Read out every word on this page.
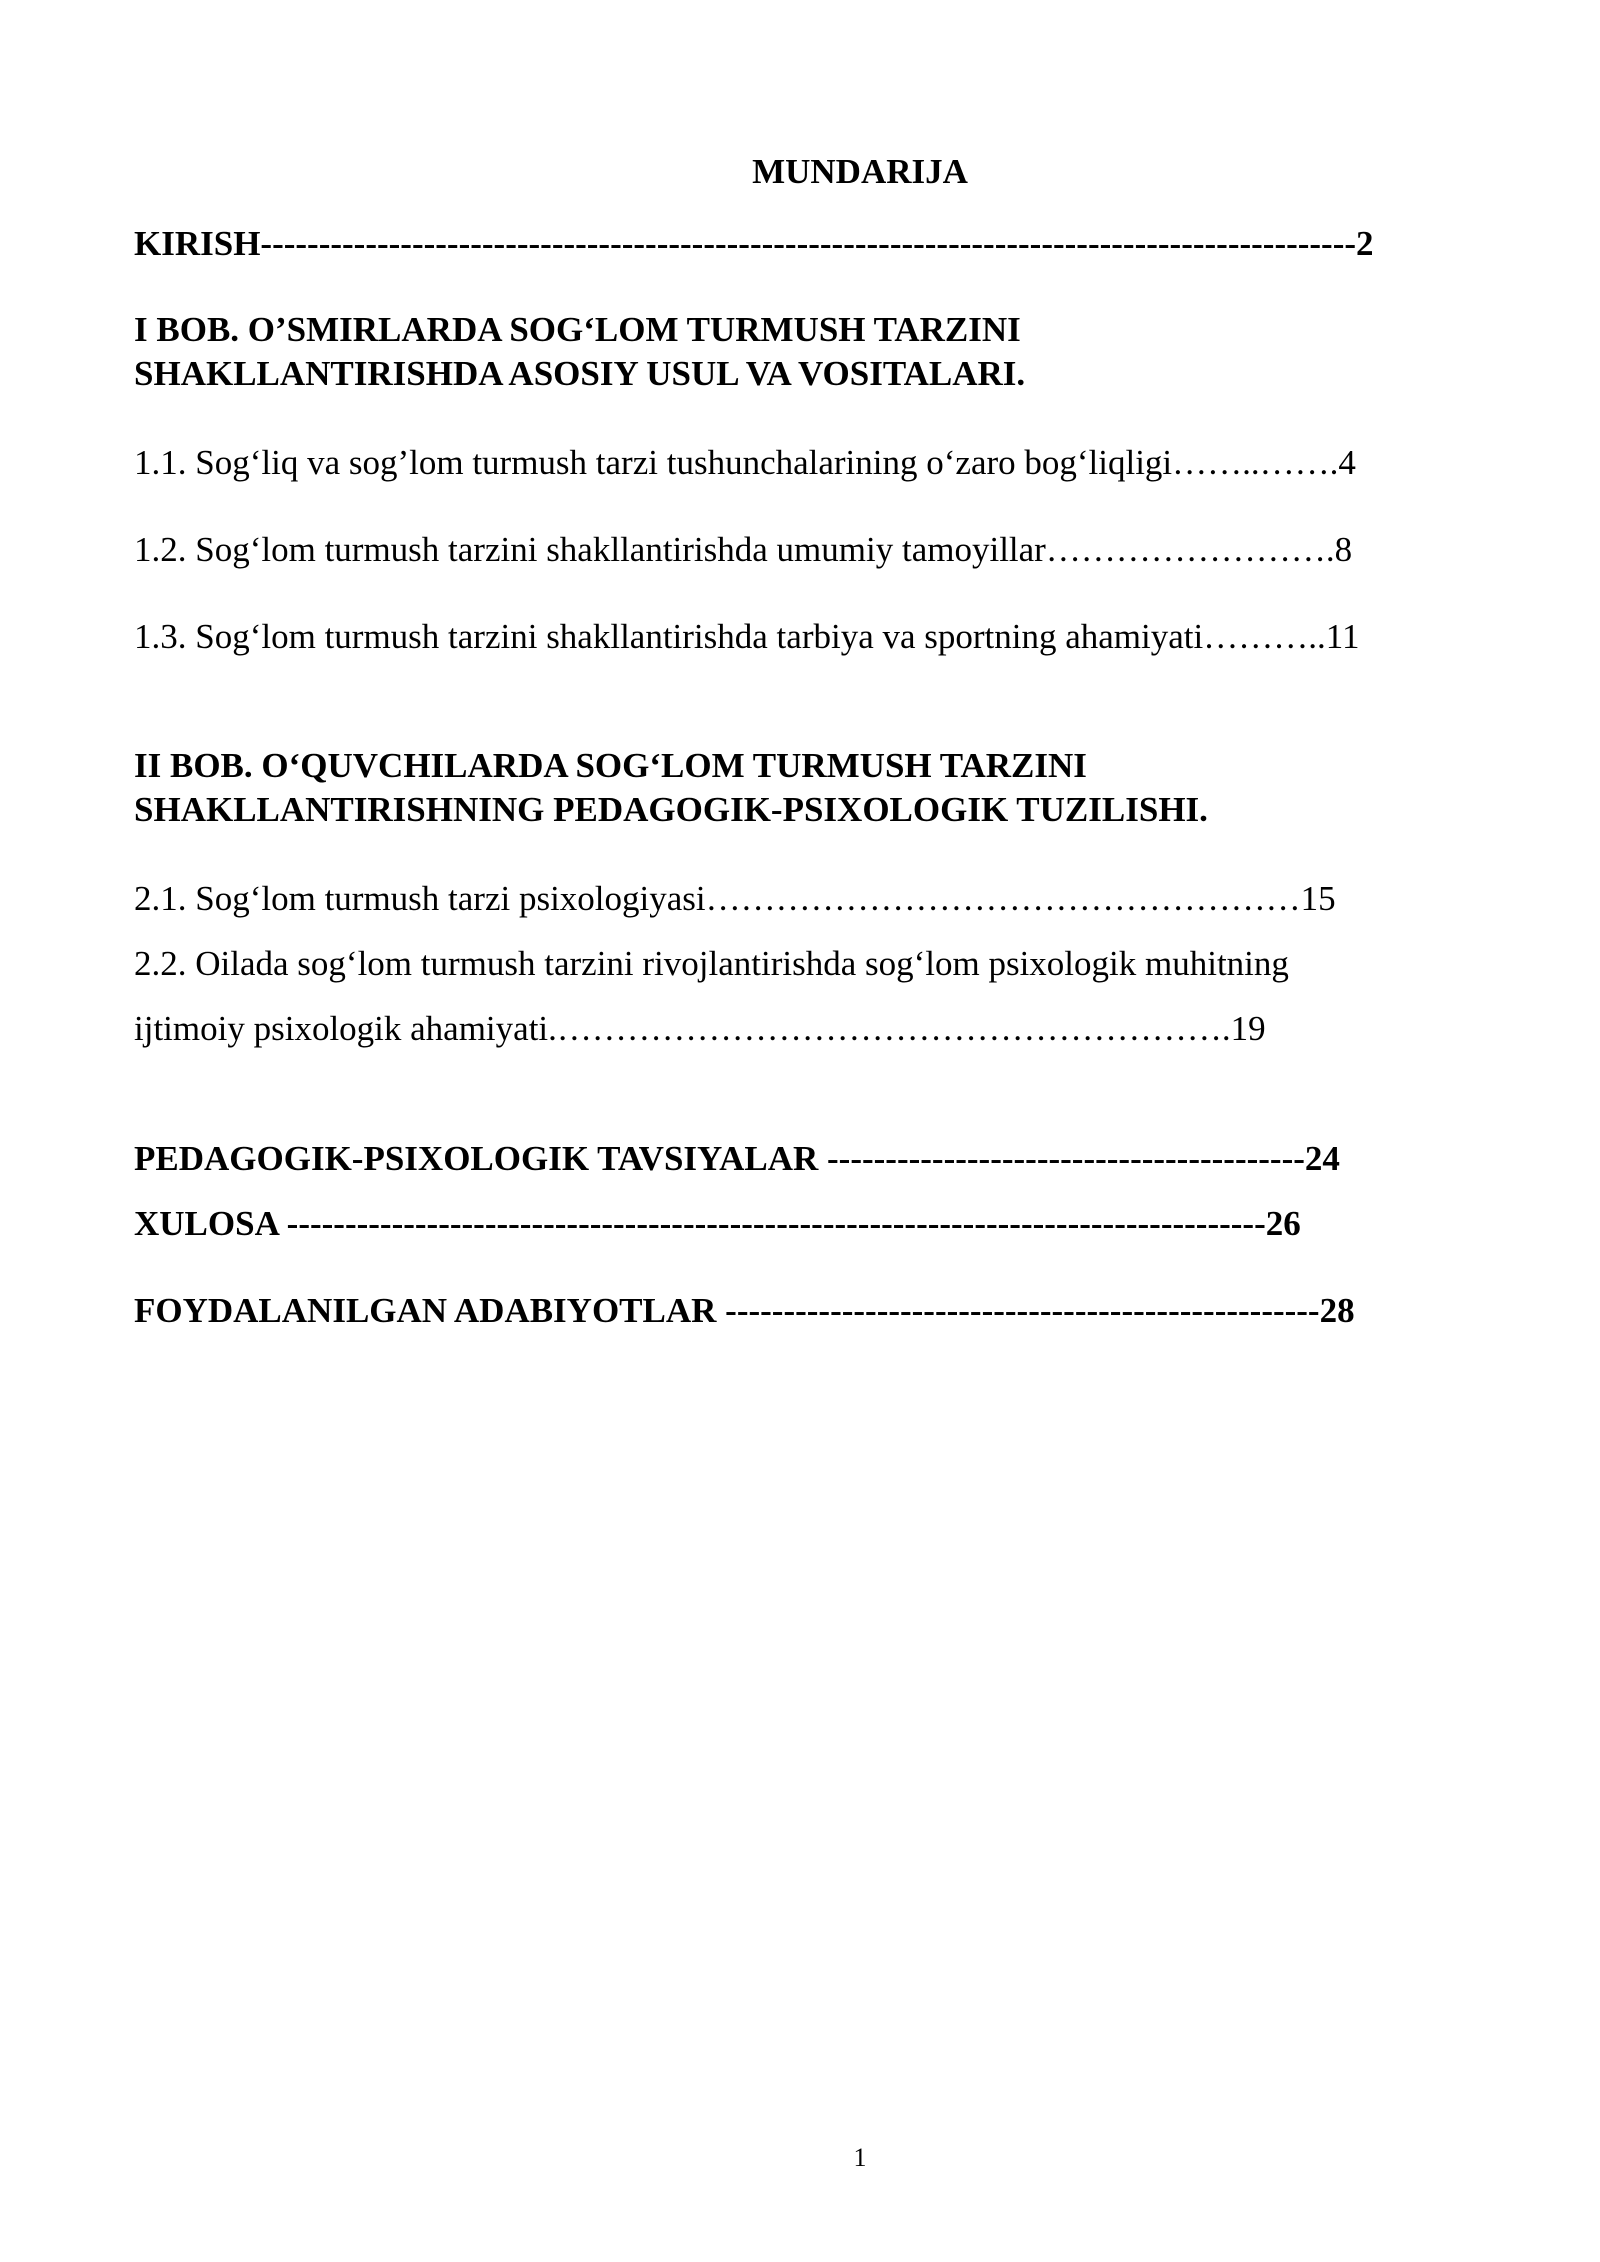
MUNDARIJA
KIRISH----------------------------------------------------------------------------------------------2
I BOB. O’SMIRLARDA SOG‘LOM TURMUSH TARZINI
SHAKLLANTIRISHDA ASOSIY USUL VA VOSITALARI.
1.1. Sog‘liq va sog’lom turmush tarzi tushunchalarining o‘zaro bog‘liqligi……..…….4
1.2. Sog‘lom turmush tarzini shakllantirishda umumiy tamoyillar…………………….8
1.3. Sog‘lom turmush tarzini shakllantirishda tarbiya va sportning ahamiyati………..11
II BOB. O‘QUVCHILARDA SOG‘LOM TURMUSH TARZINI
SHAKLLANTIRISHNING PEDAGOGIK-PSIXOLOGIK TUZILISHI.
2.1. Sog‘lom turmush tarzi psixologiyasi……………………………………………15
2.2. Oilada sog‘lom turmush tarzini rivojlantirishda sog‘lom psixologik muhitning
ijtimoiy psixologik ahamiyati.………………………………………………….19
PEDAGOGIK-PSIXOLOGIK TAVSIYALAR -----------------------------------------24
XULOSA ------------------------------------------------------------------------------------26
FOYDALANILGAN ADABIYOTLAR ---------------------------------------------------28
1
